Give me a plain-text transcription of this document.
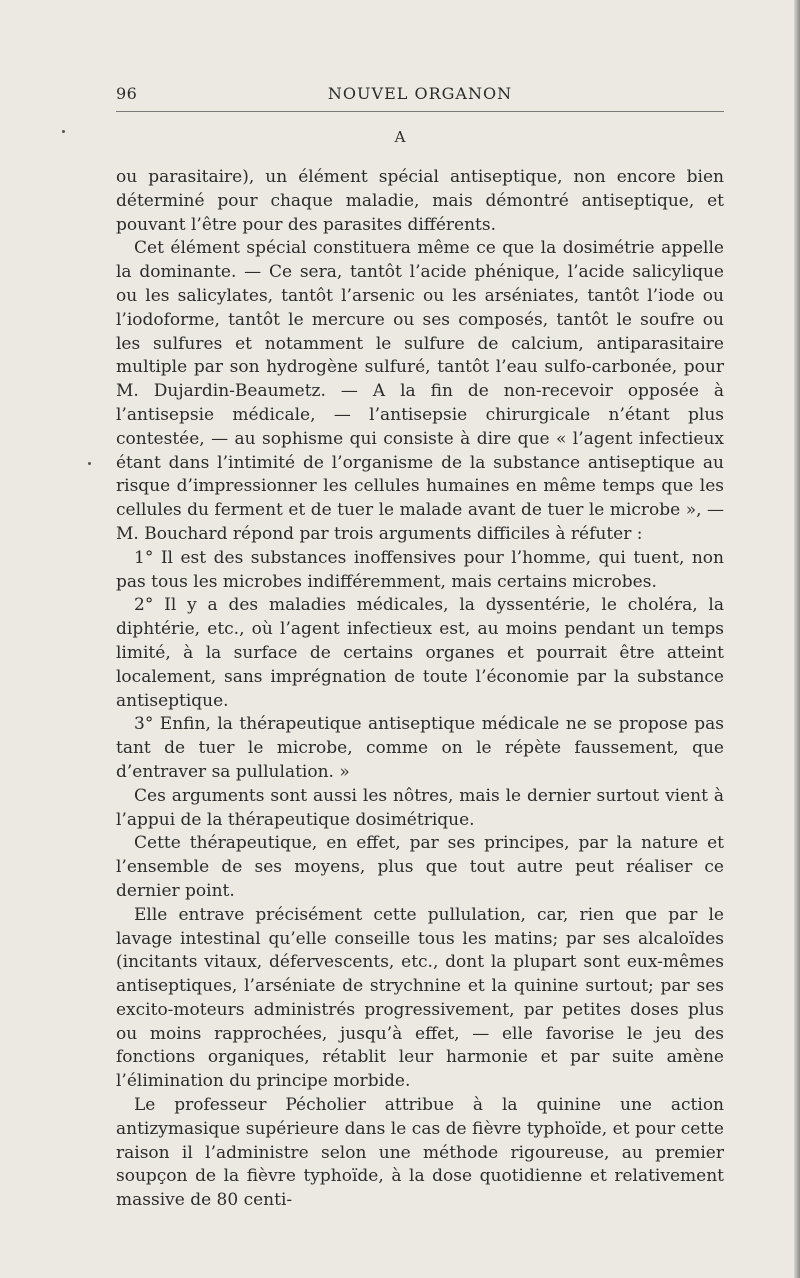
96	NOUVEL ORGANON
A

ou parasitaire), un élément spécial antiseptique, non encore bien déterminé pour chaque maladie, mais démontré antiseptique, et pouvant l’être pour des parasites différents.

Cet élément spécial constituera même ce que la dosimétrie appelle la dominante. — Ce sera, tantôt l’acide phénique, l’acide salicylique ou les salicylates, tantôt l’arsenic ou les arséniates, tantôt l’iode ou l’iodoforme, tantôt le mercure ou ses composés, tantôt le soufre ou les sulfures et notamment le sulfure de calcium, antiparasitaire multiple par son hydrogène sulfuré, tantôt l’eau sulfo-carbonée, pour M. Dujardin-Beaumetz. — A la fin de non-recevoir opposée à l’antisepsie médicale, — l’antisepsie chirurgicale n’étant plus contestée, — au sophisme qui consiste à dire que « l’agent infectieux étant dans l’intimité de l’organisme de la substance antiseptique au risque d’impressionner les cellules humaines en même temps que les cellules du ferment et de tuer le malade avant de tuer le microbe », — M. Bouchard répond par trois arguments difficiles à réfuter :

1° Il est des substances inoffensives pour l’homme, qui tuent, non pas tous les microbes indifféremment, mais certains microbes.

2° Il y a des maladies médicales, la dyssentérie, le choléra, la diphtérie, etc., où l’agent infectieux est, au moins pendant un temps limité, à la surface de certains organes et pourrait être atteint localement, sans imprégnation de toute l’économie par la substance antiseptique.

3° Enfin, la thérapeutique antiseptique médicale ne se propose pas tant de tuer le microbe, comme on le répète faussement, que d’entraver sa pullulation. »

Ces arguments sont aussi les nôtres, mais le dernier surtout vient à l’appui de la thérapeutique dosimétrique.

Cette thérapeutique, en effet, par ses principes, par la nature et l’ensemble de ses moyens, plus que tout autre peut réaliser ce dernier point.

Elle entrave précisément cette pullulation, car, rien que par le lavage intestinal qu’elle conseille tous les matins; par ses alcaloïdes (incitants vitaux, défervescents, etc., dont la plupart sont eux-mêmes antiseptiques, l’arséniate de strychnine et la quinine surtout; par ses excito-moteurs administrés progressivement, par petites doses plus ou moins rapprochées, jusqu’à effet, — elle favorise le jeu des fonctions organiques, rétablit leur harmonie et par suite amène l’élimination du principe morbide.

Le professeur Pécholier attribue à la quinine une action antizymasique supérieure dans le cas de fièvre typhoïde, et pour cette raison il l’administre selon une méthode rigoureuse, au premier soupçon de la fièvre typhoïde, à la dose quotidienne et relativement massive de 80 centi-
